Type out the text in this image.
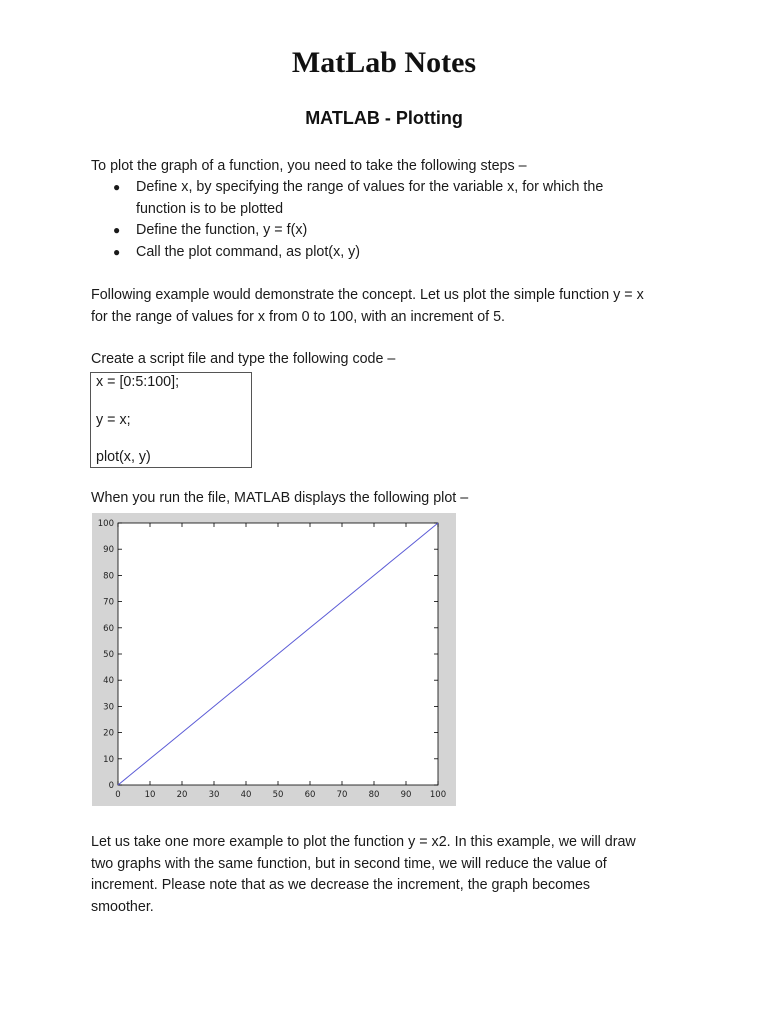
MatLab Notes
MATLAB - Plotting
To plot the graph of a function, you need to take the following steps –
● Define x, by specifying the range of values for the variable x, for which the
function is to be plotted
● Define the function, y = f(x)
● Call the plot command, as plot(x, y)
Following example would demonstrate the concept. Let us plot the simple function y = x
for the range of values for x from 0 to 100, with an increment of 5.
Create a script file and type the following code –
x = [0:5:100];
y = x;
plot(x, y)
When you run the file, MATLAB displays the following plot –
0	10 20 30 40 50 60 70 80 90 100
0
10
20
30
40
50
60
70
80
90
100
Let us take one more example to plot the function y = x2. In this example, we will draw
two graphs with the same function, but in second time, we will reduce the value of
increment. Please note that as we decrease the increment, the graph becomes
smoother.
